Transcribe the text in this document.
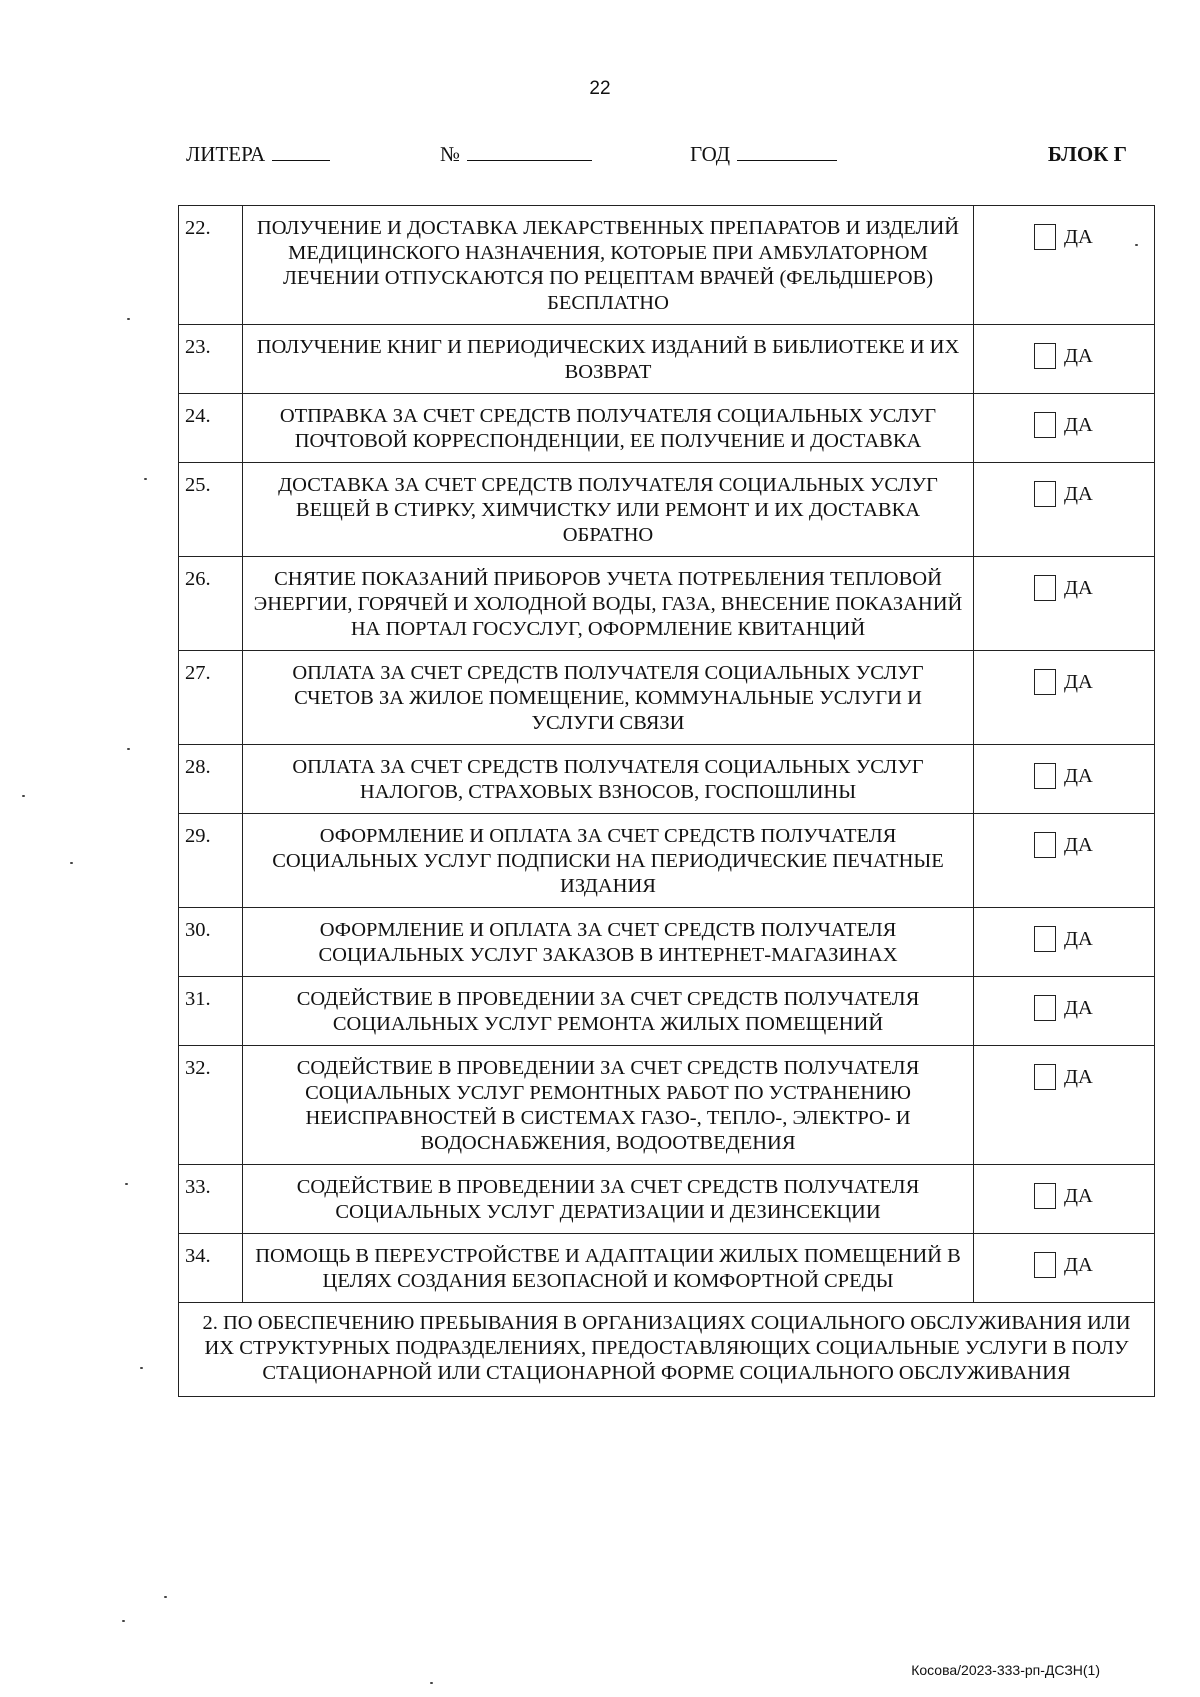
22
ЛИТЕРА	№	ГОД	БЛОК Г
22.	ПОЛУЧЕНИЕ И ДОСТАВКА ЛЕКАРСТВЕННЫХ ПРЕПАРАТОВ И ИЗДЕЛИЙ МЕДИЦИНСКОГО НАЗНАЧЕНИЯ, КОТОРЫЕ ПРИ АМБУЛАТОРНОМ ЛЕЧЕНИИ ОТПУСКАЮТСЯ ПО РЕЦЕПТАМ ВРАЧЕЙ (ФЕЛЬДШЕРОВ) БЕСПЛАТНО	ДА

23.	ПОЛУЧЕНИЕ КНИГ И ПЕРИОДИЧЕСКИХ ИЗДАНИЙ В БИБЛИОТЕКЕ И ИХ ВОЗВРАТ	ДА

24.	ОТПРАВКА ЗА СЧЕТ СРЕДСТВ ПОЛУЧАТЕЛЯ СОЦИАЛЬНЫХ УСЛУГ ПОЧТОВОЙ КОРРЕСПОНДЕНЦИИ, ЕЕ ПОЛУЧЕНИЕ И ДОСТАВКА	ДА

25.	ДОСТАВКА ЗА СЧЕТ СРЕДСТВ ПОЛУЧАТЕЛЯ СОЦИАЛЬНЫХ УСЛУГ ВЕЩЕЙ В СТИРКУ, ХИМЧИСТКУ ИЛИ РЕМОНТ И ИХ ДОСТАВКА ОБРАТНО	ДА

26.	СНЯТИЕ ПОКАЗАНИЙ ПРИБОРОВ УЧЕТА ПОТРЕБЛЕНИЯ ТЕПЛОВОЙ ЭНЕРГИИ, ГОРЯЧЕЙ И ХОЛОДНОЙ ВОДЫ, ГАЗА, ВНЕСЕНИЕ ПОКАЗАНИЙ НА ПОРТАЛ ГОСУСЛУГ, ОФОРМЛЕНИЕ КВИТАНЦИЙ	ДА

27.	ОПЛАТА ЗА СЧЕТ СРЕДСТВ ПОЛУЧАТЕЛЯ СОЦИАЛЬНЫХ УСЛУГ СЧЕТОВ ЗА ЖИЛОЕ ПОМЕЩЕНИЕ, КОММУНАЛЬНЫЕ УСЛУГИ И УСЛУГИ СВЯЗИ	ДА

28.	ОПЛАТА ЗА СЧЕТ СРЕДСТВ ПОЛУЧАТЕЛЯ СОЦИАЛЬНЫХ УСЛУГ НАЛОГОВ, СТРАХОВЫХ ВЗНОСОВ, ГОСПОШЛИНЫ	ДА

29.	ОФОРМЛЕНИЕ И ОПЛАТА ЗА СЧЕТ СРЕДСТВ ПОЛУЧАТЕЛЯ СОЦИАЛЬНЫХ УСЛУГ ПОДПИСКИ НА ПЕРИОДИЧЕСКИЕ ПЕЧАТНЫЕ ИЗДАНИЯ	ДА

30.	ОФОРМЛЕНИЕ И ОПЛАТА ЗА СЧЕТ СРЕДСТВ ПОЛУЧАТЕЛЯ СОЦИАЛЬНЫХ УСЛУГ ЗАКАЗОВ В ИНТЕРНЕТ-МАГАЗИНАХ	ДА

31.	СОДЕЙСТВИЕ В ПРОВЕДЕНИИ ЗА СЧЕТ СРЕДСТВ ПОЛУЧАТЕЛЯ СОЦИАЛЬНЫХ УСЛУГ РЕМОНТА ЖИЛЫХ ПОМЕЩЕНИЙ	ДА

32.	СОДЕЙСТВИЕ В ПРОВЕДЕНИИ ЗА СЧЕТ СРЕДСТВ ПОЛУЧАТЕЛЯ СОЦИАЛЬНЫХ УСЛУГ РЕМОНТНЫХ РАБОТ ПО УСТРАНЕНИЮ НЕИСПРАВНОСТЕЙ В СИСТЕМАХ ГАЗО-, ТЕПЛО-, ЭЛЕКТРО- И ВОДОСНАБЖЕНИЯ, ВОДООТВЕДЕНИЯ	ДА

33.	СОДЕЙСТВИЕ В ПРОВЕДЕНИИ ЗА СЧЕТ СРЕДСТВ ПОЛУЧАТЕЛЯ СОЦИАЛЬНЫХ УСЛУГ ДЕРАТИЗАЦИИ И ДЕЗИНСЕКЦИИ	ДА

34.	ПОМОЩЬ В ПЕРЕУСТРОЙСТВЕ И АДАПТАЦИИ ЖИЛЫХ ПОМЕЩЕНИЙ В ЦЕЛЯХ СОЗДАНИЯ БЕЗОПАСНОЙ И КОМФОРТНОЙ СРЕДЫ	ДА

2. ПО ОБЕСПЕЧЕНИЮ ПРЕБЫВАНИЯ В ОРГАНИЗАЦИЯХ СОЦИАЛЬНОГО ОБСЛУЖИВАНИЯ ИЛИ ИХ СТРУКТУРНЫХ ПОДРАЗДЕЛЕНИЯХ, ПРЕДОСТАВЛЯЮЩИХ СОЦИАЛЬНЫЕ УСЛУГИ В ПОЛУ СТАЦИОНАРНОЙ ИЛИ СТАЦИОНАРНОЙ ФОРМЕ СОЦИАЛЬНОГО ОБСЛУЖИВАНИЯ		
Косова/2023-333-рп-ДСЗН(1)
